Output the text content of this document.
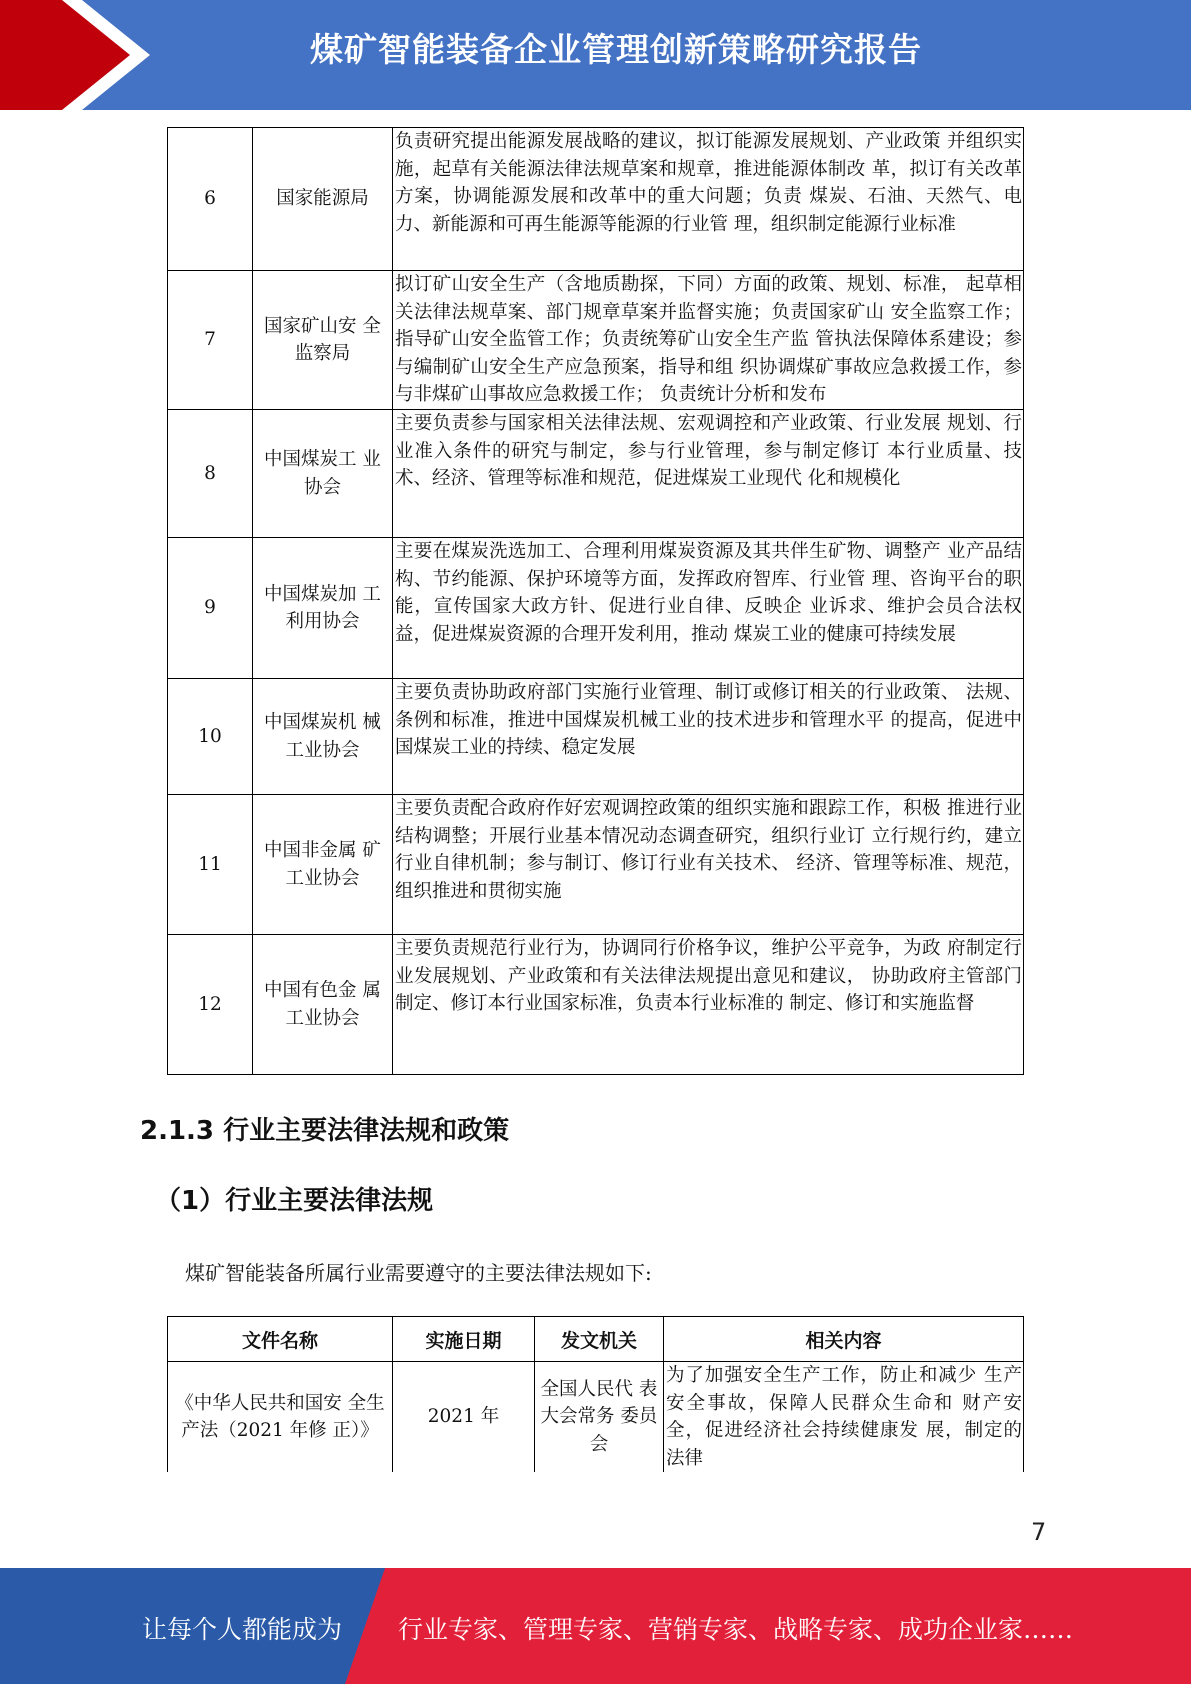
煤矿智能装备企业管理创新策略研究报告
6	国家能源局	负责研究提出能源发展战略的建议，拟订能源发展规划、产业政策 并组织实施，起草有关能源法律法规草案和规章，推进能源体制改 革，拟订有关改革方案，协调能源发展和改革中的重大问题；负责 煤炭、石油、天然气、电力、新能源和可再生能源等能源的行业管 理，组织制定能源行业标准
7	国家矿山安 全监察局	拟订矿山安全生产（含地质勘探，下同）方面的政策、规划、标准， 起草相关法律法规草案、部门规章草案并监督实施；负责国家矿山 安全监察工作；指导矿山安全监管工作；负责统筹矿山安全生产监 管执法保障体系建设；参与编制矿山安全生产应急预案，指导和组 织协调煤矿事故应急救援工作，参与非煤矿山事故应急救援工作； 负责统计分析和发布
8	中国煤炭工 业协会	主要负责参与国家相关法律法规、宏观调控和产业政策、行业发展 规划、行业准入条件的研究与制定，参与行业管理，参与制定修订 本行业质量、技术、经济、管理等标准和规范，促进煤炭工业现代 化和规模化
9	中国煤炭加 工利用协会	主要在煤炭洗选加工、合理利用煤炭资源及其共伴生矿物、调整产 业产品结构、节约能源、保护环境等方面，发挥政府智库、行业管 理、咨询平台的职能，宣传国家大政方针、促进行业自律、反映企 业诉求、维护会员合法权益，促进煤炭资源的合理开发利用，推动 煤炭工业的健康可持续发展
10	中国煤炭机 械工业协会	主要负责协助政府部门实施行业管理、制订或修订相关的行业政策、 法规、条例和标准，推进中国煤炭机械工业的技术进步和管理水平 的提高，促进中国煤炭工业的持续、稳定发展
11	中国非金属 矿工业协会	主要负责配合政府作好宏观调控政策的组织实施和跟踪工作，积极 推进行业结构调整；开展行业基本情况动态调查研究，组织行业订 立行规行约，建立行业自律机制；参与制订、修订行业有关技术、 经济、管理等标准、规范，组织推进和贯彻实施
12	中国有色金 属工业协会	主要负责规范行业行为，协调同行价格争议，维护公平竞争，为政 府制定行业发展规划、产业政策和有关法律法规提出意见和建议， 协助政府主管部门制定、修订本行业国家标准，负责本行业标准的 制定、修订和实施监督
2.1.3 行业主要法律法规和政策
（1）行业主要法律法规
煤矿智能装备所属行业需要遵守的主要法律法规如下:
文件名称	实施日期	发文机关	相关内容
《中华人民共和国安 全生产法（2021 年修 正）》	2021 年	全国人民代 表大会常务 委员会	为了加强安全生产工作，防止和减少 生产安全事故，保障人民群众生命和 财产安全，促进经济社会持续健康发 展，制定的法律
7
让每个人都能成为 行业专家、管理专家、营销专家、战略专家、成功企业家……
